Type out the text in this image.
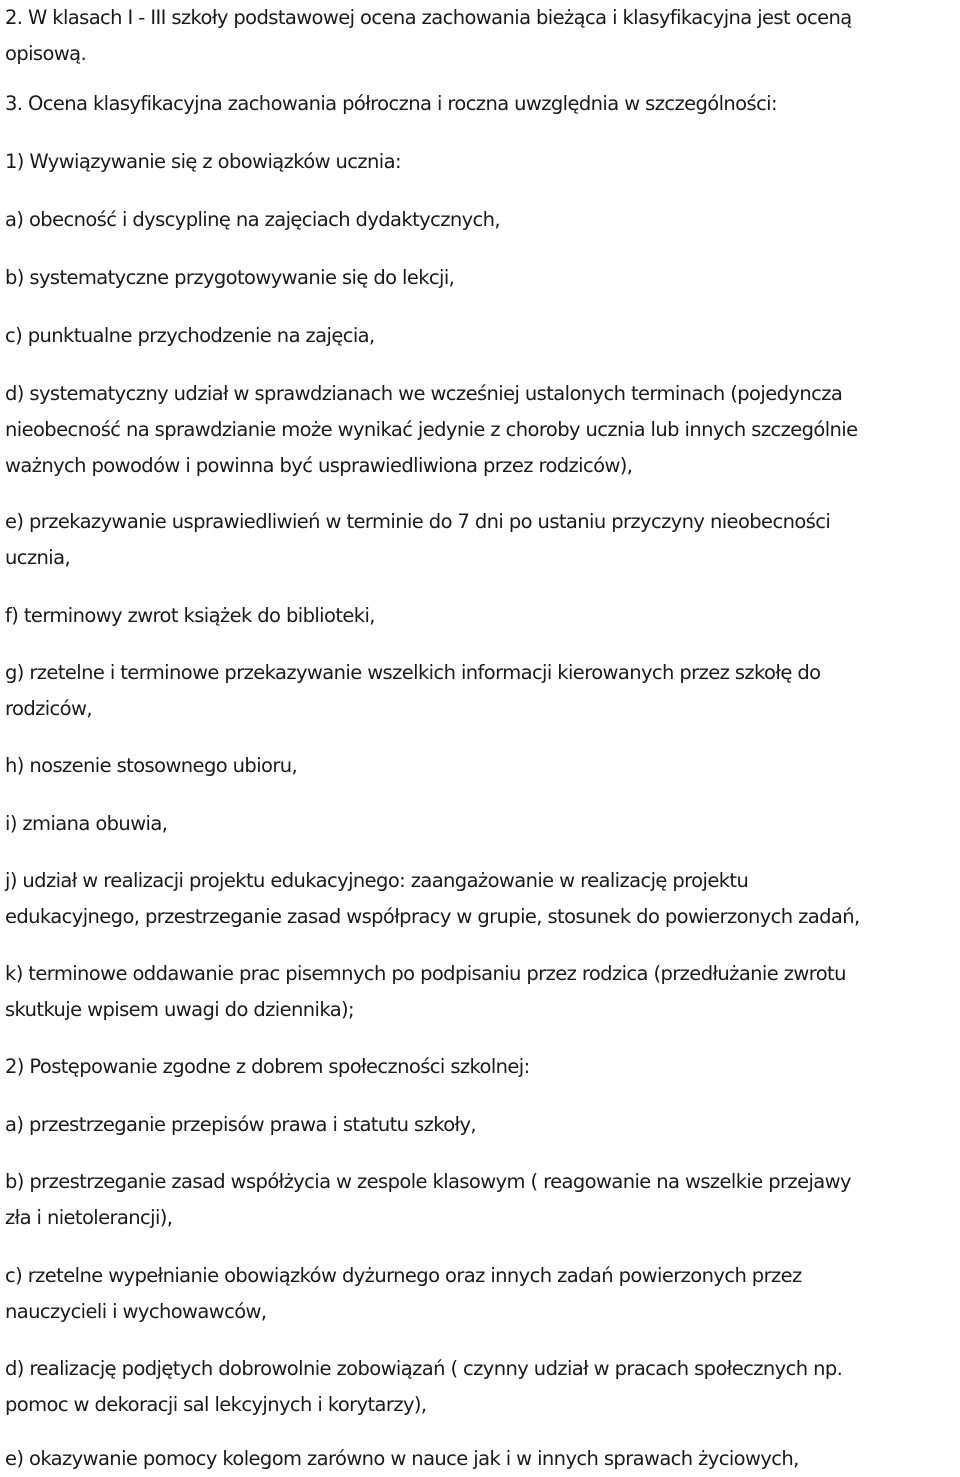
2. W klasach I - III szkoły podstawowej ocena zachowania bieżąca i klasyfikacyjna jest oceną
opisową.

3. Ocena klasyfikacyjna zachowania półroczna i roczna uwzględnia w szczególności:

1) Wywiązywanie się z obowiązków ucznia:

a) obecność i dyscyplinę na zajęciach dydaktycznych,

b) systematyczne przygotowywanie się do lekcji,

c) punktualne przychodzenie na zajęcia,

d) systematyczny udział w sprawdzianach we wcześniej ustalonych terminach (pojedyncza
nieobecność na sprawdzianie może wynikać jedynie z choroby ucznia lub innych szczególnie
ważnych powodów i powinna być usprawiedliwiona przez rodziców),

e) przekazywanie usprawiedliwień w terminie do 7 dni po ustaniu przyczyny nieobecności
ucznia,

f) terminowy zwrot książek do biblioteki,

g) rzetelne i terminowe przekazywanie wszelkich informacji kierowanych przez szkołę do
rodziców,

h) noszenie stosownego ubioru,

i) zmiana obuwia,

j) udział w realizacji projektu edukacyjnego: zaangażowanie w realizację projektu
edukacyjnego, przestrzeganie zasad współpracy w grupie, stosunek do powierzonych zadań,

k) terminowe oddawanie prac pisemnych po podpisaniu przez rodzica (przedłużanie zwrotu
skutkuje wpisem uwagi do dziennika);

2) Postępowanie zgodne z dobrem społeczności szkolnej:

a) przestrzeganie przepisów prawa i statutu szkoły,

b) przestrzeganie zasad współżycia w zespole klasowym ( reagowanie na wszelkie przejawy
zła i nietolerancji),

c) rzetelne wypełnianie obowiązków dyżurnego oraz innych zadań powierzonych przez
nauczycieli i wychowawców,

d) realizację podjętych dobrowolnie zobowiązań ( czynny udział w pracach społecznych np.
pomoc w dekoracji sal lekcyjnych i korytarzy),

e) okazywanie pomocy kolegom zarówno w nauce jak i w innych sprawach życiowych,
